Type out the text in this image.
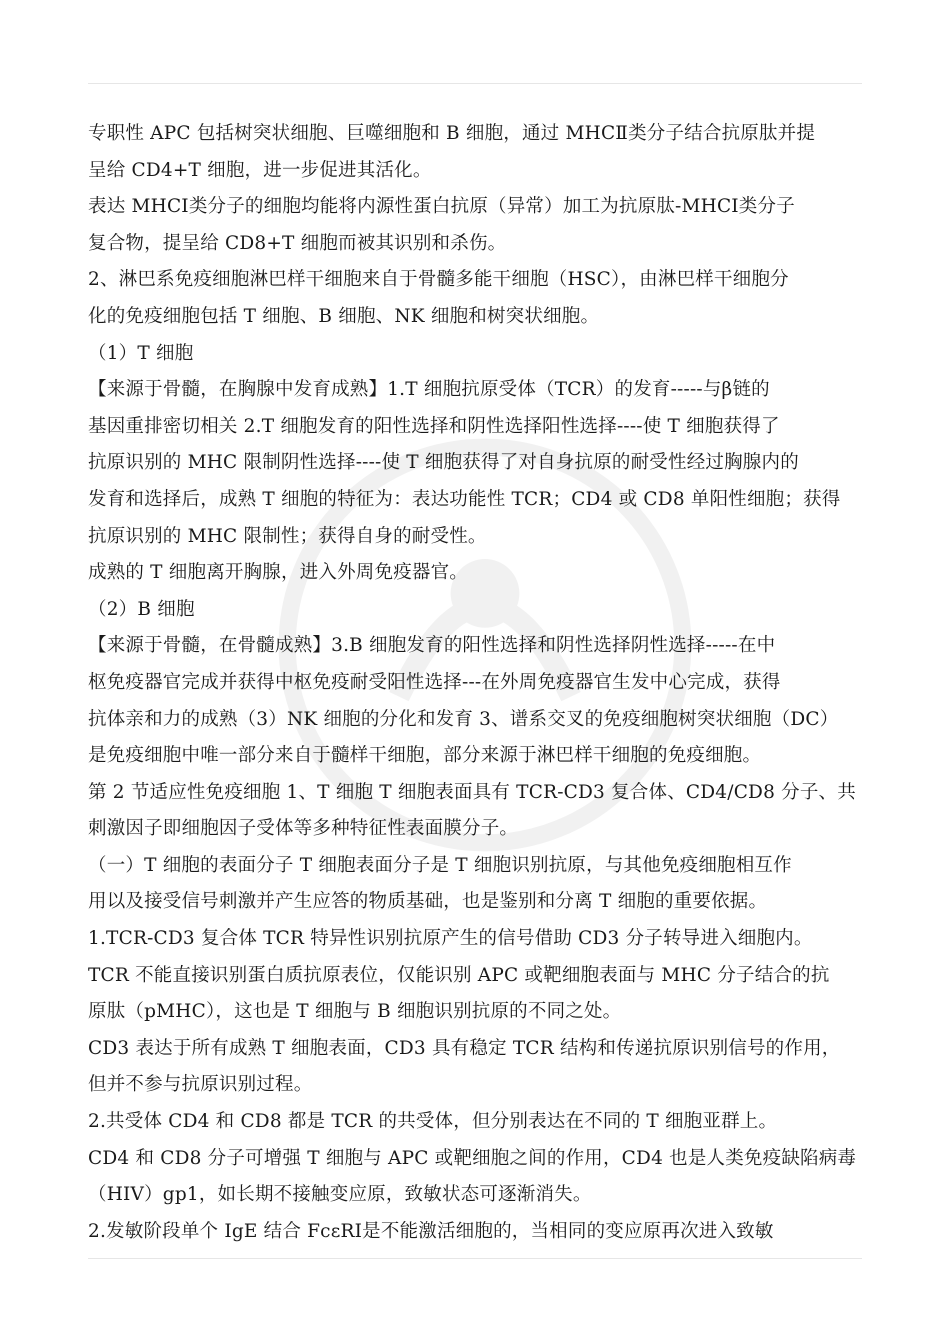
专职性 APC 包括树突状细胞、巨噬细胞和 B 细胞，通过 MHCⅡ类分子结合抗原肽并提

呈给 CD4+T 细胞，进一步促进其活化。

表达 MHCⅠ类分子的细胞均能将内源性蛋白抗原（异常）加工为抗原肽-MHCⅠ类分子

复合物，提呈给 CD8+T 细胞而被其识别和杀伤。

2、淋巴系免疫细胞淋巴样干细胞来自于骨髓多能干细胞（HSC），由淋巴样干细胞分

化的免疫细胞包括 T 细胞、B 细胞、NK 细胞和树突状细胞。

（1）T 细胞

【来源于骨髓，在胸腺中发育成熟】1.T 细胞抗原受体（TCR）的发育-----与β链的

基因重排密切相关 2.T 细胞发育的阳性选择和阴性选择阳性选择----使 T 细胞获得了

抗原识别的 MHC 限制阴性选择----使 T 细胞获得了对自身抗原的耐受性经过胸腺内的

发育和选择后，成熟 T 细胞的特征为：表达功能性 TCR；CD4 或 CD8 单阳性细胞；获得

抗原识别的 MHC 限制性；获得自身的耐受性。

成熟的 T 细胞离开胸腺，进入外周免疫器官。

（2）B 细胞

【来源于骨髓，在骨髓成熟】3.B 细胞发育的阳性选择和阴性选择阴性选择-----在中

枢免疫器官完成并获得中枢免疫耐受阳性选择---在外周免疫器官生发中心完成，获得

抗体亲和力的成熟（3）NK 细胞的分化和发育 3、谱系交叉的免疫细胞树突状细胞（DC）

是免疫细胞中唯一部分来自于髓样干细胞，部分来源于淋巴样干细胞的免疫细胞。

第 2 节适应性免疫细胞 1、T 细胞 T 细胞表面具有 TCR-CD3 复合体、CD4/CD8 分子、共

刺激因子即细胞因子受体等多种特征性表面膜分子。

（一）T 细胞的表面分子 T 细胞表面分子是 T 细胞识别抗原，与其他免疫细胞相互作

用以及接受信号刺激并产生应答的物质基础，也是鉴别和分离 T 细胞的重要依据。

1.TCR-CD3 复合体 TCR 特异性识别抗原产生的信号借助 CD3 分子转导进入细胞内。

TCR 不能直接识别蛋白质抗原表位，仅能识别 APC 或靶细胞表面与 MHC 分子结合的抗

原肽（pMHC），这也是 T 细胞与 B 细胞识别抗原的不同之处。

CD3 表达于所有成熟 T 细胞表面，CD3 具有稳定 TCR 结构和传递抗原识别信号的作用，

但并不参与抗原识别过程。

2.共受体 CD4 和 CD8 都是 TCR 的共受体，但分别表达在不同的 T 细胞亚群上。

CD4 和 CD8 分子可增强 T 细胞与 APC 或靶细胞之间的作用，CD4 也是人类免疫缺陷病毒

（HIV）gp1，如长期不接触变应原，致敏状态可逐渐消失。

2.发敏阶段单个 IgE 结合 FcεRⅠ是不能激活细胞的，当相同的变应原再次进入致敏
